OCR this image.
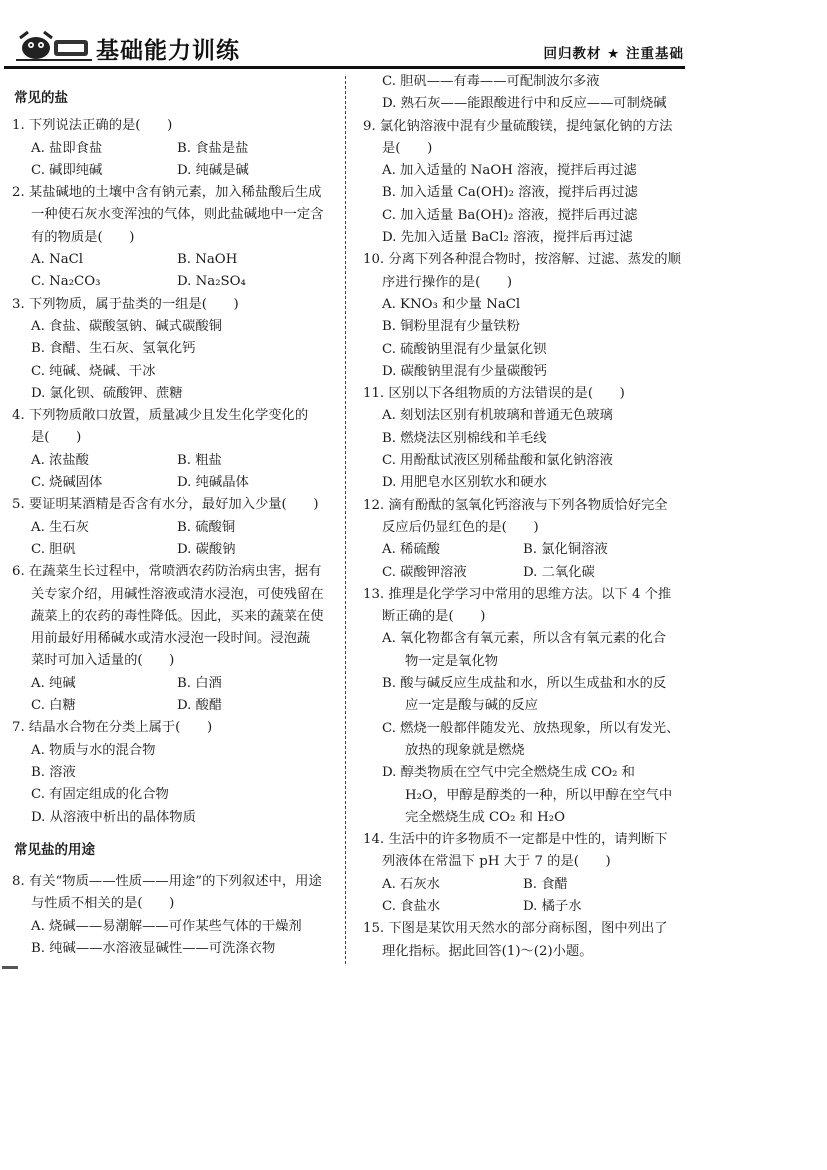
基础能力训练	回归教材 ★ 注重基础
常见的盐
1. 下列说法正确的是(　　)
A. 盐即食盐	B. 食盐是盐
C. 碱即纯碱	D. 纯碱是碱
2. 某盐碱地的土壤中含有钠元素，加入稀盐酸后生成
一种使石灰水变浑浊的气体，则此盐碱地中一定含
有的物质是(　　)
A. NaCl	B. NaOH
C. Na₂CO₃	D. Na₂SO₄
3. 下列物质，属于盐类的一组是(　　)
A. 食盐、碳酸氢钠、碱式碳酸铜
B. 食醋、生石灰、氢氧化钙
C. 纯碱、烧碱、干冰
D. 氯化钡、硫酸钾、蔗糖
4. 下列物质敞口放置，质量减少且发生化学变化的
是(　　)
A. 浓盐酸	B. 粗盐
C. 烧碱固体	D. 纯碱晶体
5. 要证明某酒精是否含有水分，最好加入少量(　　)
A. 生石灰	B. 硫酸铜
C. 胆矾	D. 碳酸钠
6. 在蔬菜生长过程中，常喷洒农药防治病虫害，据有
关专家介绍，用碱性溶液或清水浸泡，可使残留在
蔬菜上的农药的毒性降低。因此，买来的蔬菜在使
用前最好用稀碱水或清水浸泡一段时间。浸泡蔬
菜时可加入适量的(　　)
A. 纯碱	B. 白酒
C. 白糖	D. 酸醋
7. 结晶水合物在分类上属于(　　)
A. 物质与水的混合物
B. 溶液
C. 有固定组成的化合物
D. 从溶液中析出的晶体物质
常见盐的用途
8. 有关“物质——性质——用途”的下列叙述中，用途
与性质不相关的是(　　)
A. 烧碱——易潮解——可作某些气体的干燥剂
B. 纯碱——水溶液显碱性——可洗涤衣物
C. 胆矾——有毒——可配制波尔多液
D. 熟石灰——能跟酸进行中和反应——可制烧碱
9. 氯化钠溶液中混有少量硫酸镁，提纯氯化钠的方法
是(　　)
A. 加入适量的 NaOH 溶液，搅拌后再过滤
B. 加入适量 Ca(OH)₂ 溶液，搅拌后再过滤
C. 加入适量 Ba(OH)₂ 溶液，搅拌后再过滤
D. 先加入适量 BaCl₂ 溶液，搅拌后再过滤
10. 分离下列各种混合物时，按溶解、过滤、蒸发的顺
序进行操作的是(　　)
A. KNO₃ 和少量 NaCl
B. 铜粉里混有少量铁粉
C. 硫酸钠里混有少量氯化钡
D. 碳酸钠里混有少量碳酸钙
11. 区别以下各组物质的方法错误的是(　　)
A. 刻划法区别有机玻璃和普通无色玻璃
B. 燃烧法区别棉线和羊毛线
C. 用酚酞试液区别稀盐酸和氯化钠溶液
D. 用肥皂水区别软水和硬水
12. 滴有酚酞的氢氧化钙溶液与下列各物质恰好完全
反应后仍显红色的是(　　)
A. 稀硫酸	B. 氯化铜溶液
C. 碳酸钾溶液	D. 二氧化碳
13. 推理是化学学习中常用的思维方法。以下 4 个推
断正确的是(　　)
A. 氧化物都含有氧元素，所以含有氧元素的化合
物一定是氧化物
B. 酸与碱反应生成盐和水，所以生成盐和水的反
应一定是酸与碱的反应
C. 燃烧一般都伴随发光、放热现象，所以有发光、
放热的现象就是燃烧
D. 醇类物质在空气中完全燃烧生成 CO₂ 和
H₂O，甲醇是醇类的一种，所以甲醇在空气中
完全燃烧生成 CO₂ 和 H₂O
14. 生活中的许多物质不一定都是中性的，请判断下
列液体在常温下 pH 大于 7 的是(　　)
A. 石灰水	B. 食醋
C. 食盐水	D. 橘子水
15. 下图是某饮用天然水的部分商标图，图中列出了
理化指标。据此回答(1)～(2)小题。
